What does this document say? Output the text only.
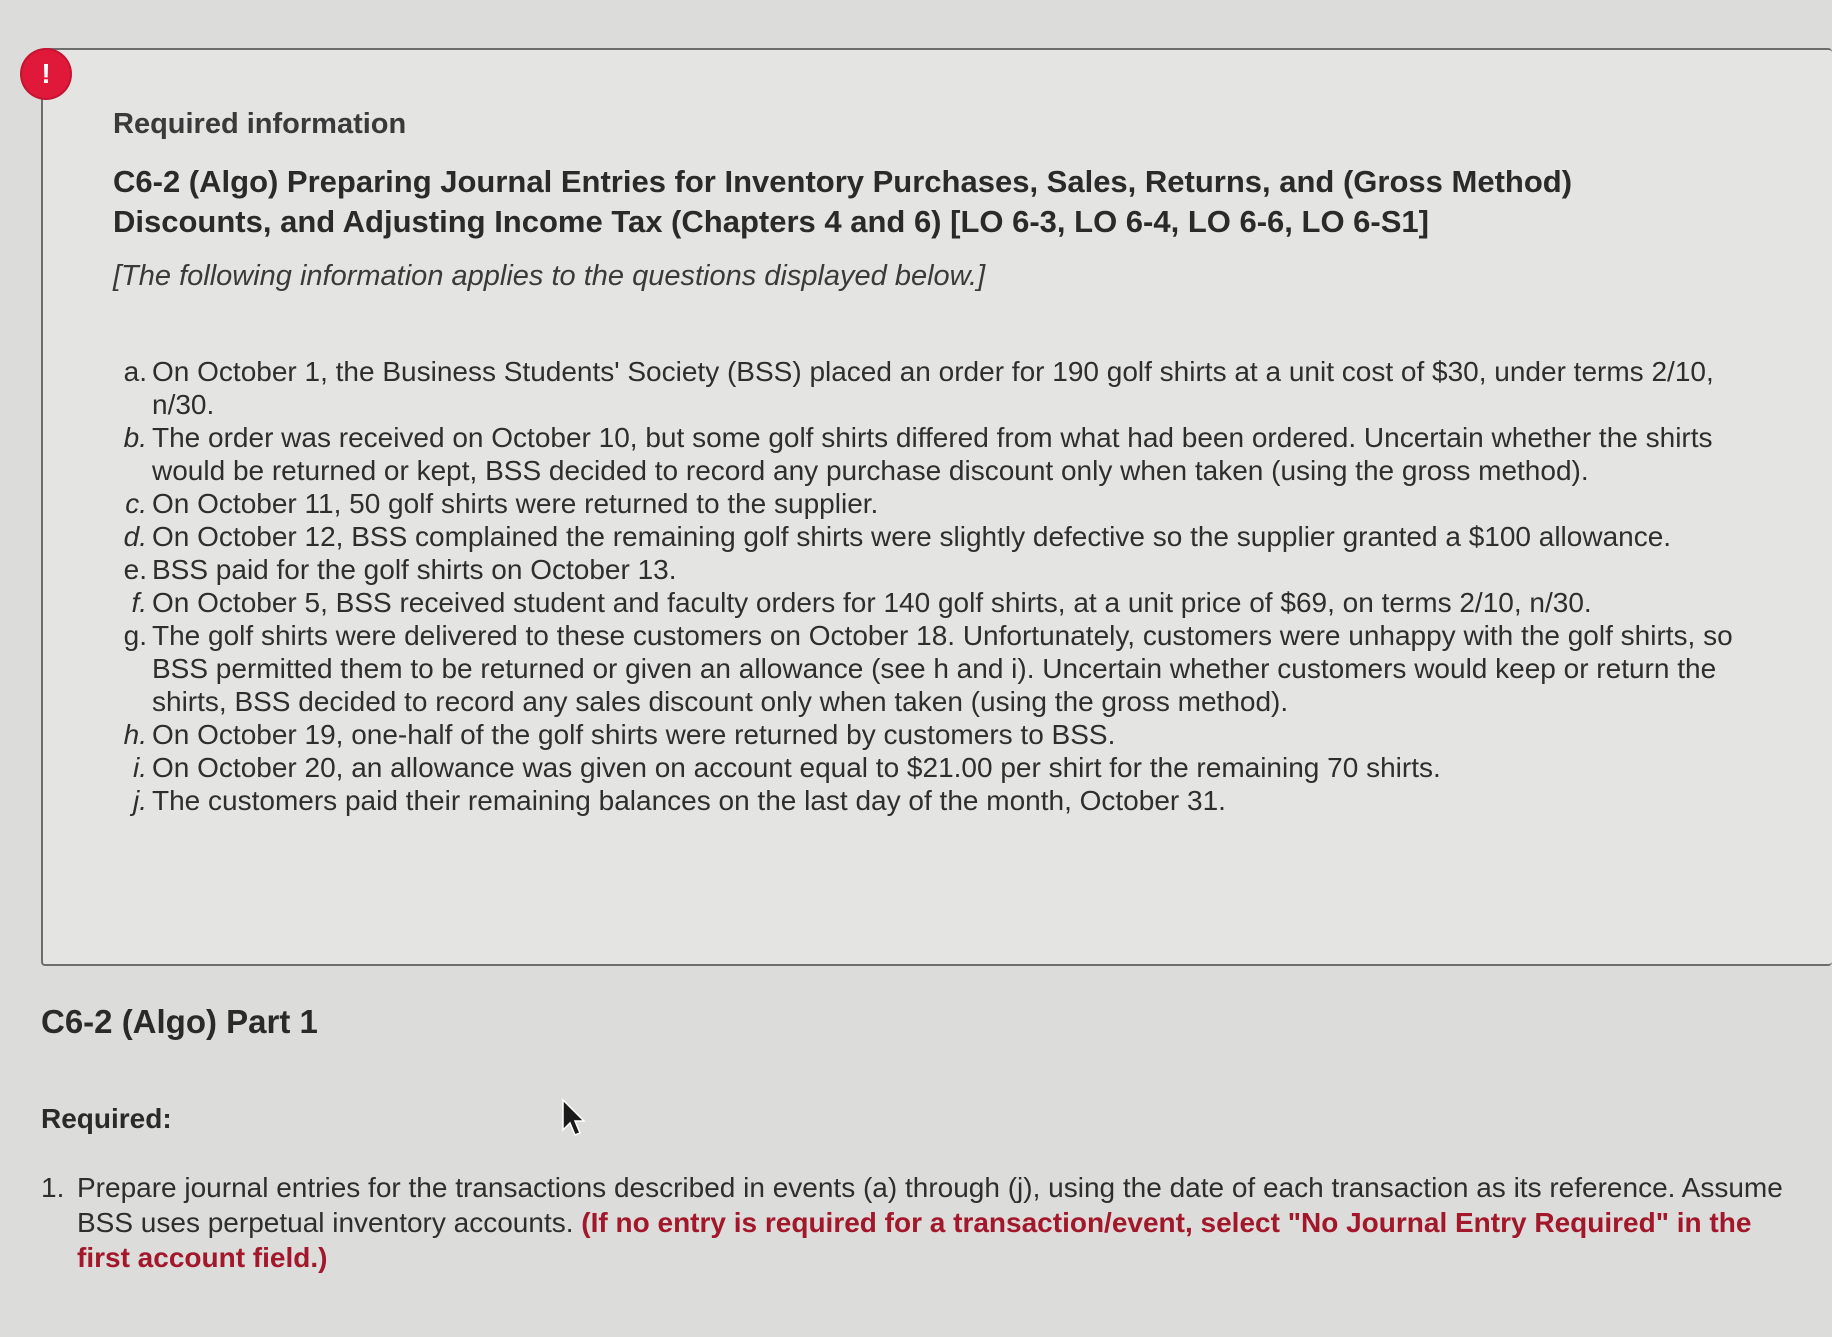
!
Required information
C6-2 (Algo) Preparing Journal Entries for Inventory Purchases, Sales, Returns, and (Gross Method) Discounts, and Adjusting Income Tax (Chapters 4 and 6) [LO 6-3, LO 6-4, LO 6-6, LO 6-S1]
[The following information applies to the questions displayed below.]
a. On October 1, the Business Students' Society (BSS) placed an order for 190 golf shirts at a unit cost of $30, under terms 2/10, n/30.
b. The order was received on October 10, but some golf shirts differed from what had been ordered. Uncertain whether the shirts would be returned or kept, BSS decided to record any purchase discount only when taken (using the gross method).
c. On October 11, 50 golf shirts were returned to the supplier.
d. On October 12, BSS complained the remaining golf shirts were slightly defective so the supplier granted a $100 allowance.
e. BSS paid for the golf shirts on October 13.
f. On October 5, BSS received student and faculty orders for 140 golf shirts, at a unit price of $69, on terms 2/10, n/30.
g. The golf shirts were delivered to these customers on October 18. Unfortunately, customers were unhappy with the golf shirts, so BSS permitted them to be returned or given an allowance (see h and i). Uncertain whether customers would keep or return the shirts, BSS decided to record any sales discount only when taken (using the gross method).
h. On October 19, one-half of the golf shirts were returned by customers to BSS.
i. On October 20, an allowance was given on account equal to $21.00 per shirt for the remaining 70 shirts.
j. The customers paid their remaining balances on the last day of the month, October 31.
C6-2 (Algo) Part 1
Required:
1. Prepare journal entries for the transactions described in events (a) through (j), using the date of each transaction as its reference. Assume BSS uses perpetual inventory accounts. (If no entry is required for a transaction/event, select "No Journal Entry Required" in the first account field.)
